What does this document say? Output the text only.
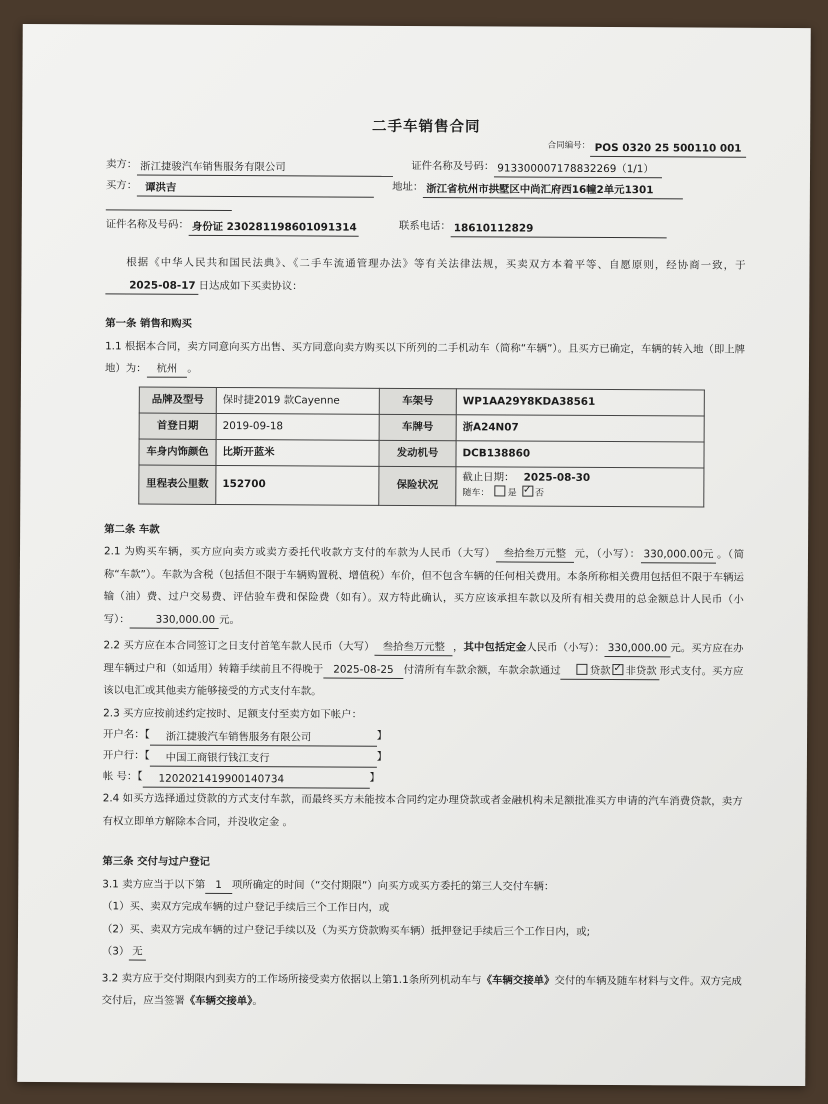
二手车销售合同
合同编号： POS 0320 25 500110 001
卖方： 浙江捷骏汽车销售服务有限公司	证件名称及号码： 913300007178832269（1/1）
买方： 谭洪吉	地址： 浙江省杭州市拱墅区中尚汇府西16幢2单元1301
证件名称及号码： 身份证 230281198601091314	联系电话： 18610112829

根据《中华人民共和国民法典》、《二手车流通管理办法》等有关法律法规，买卖双方本着平等、自愿原则，经协商一致，于2025-08-17 日达成如下买卖协议：

第一条 销售和购买

1.1 根据本合同，卖方同意向买方出售、买方同意向卖方购买以下所列的二手机动车（简称“车辆”）。且买方已确定，车辆的转入地（即上牌地）为： 杭州 。

品牌及型号	保时捷2019 款Cayenne	车架号	WP1AA29Y8KDA38561
首登日期	2019-09-18	车牌号	浙A24N07
车身内饰颜色	比斯开蓝米	发动机号	DCB138860
里程表公里数	152700	保险状况	截止日期： 2025-08-30
随车： 是 ✓ 否
第二条 车款

2.1 为购买车辆，买方应向卖方或卖方委托代收款方支付的车款为人民币（大写） 叁拾叁万元整 元，（小写）： 330,000.00元 。（简称“车款”）。车款为含税（包括但不限于车辆购置税、增值税）车价，但不包含车辆的任何相关费用。本条所称相关费用包括但不限于车辆运输（油）费、过户交易费、评估验车费和保险费（如有）。双方特此确认，买方应该承担车款以及所有相关费用的总金额总计人民币（小写）： 330,000.00 元。

2.2 买方应在本合同签订之日支付首笔车款人民币（大写） 叁拾叁万元整 ，其中包括定金人民币（小写）： 330,000.00 元。买方应在办理车辆过户和（如适用）转籍手续前且不得晚于 2025-08-25 付清所有车款余额，车款余款通过	贷款 ✓ 非贷款 形式支付。买方应该以电汇或其他卖方能够接受的方式支付车款。

2.3 买方应按前述约定按时、足额支付至卖方如下帐户：
开户名：【	浙江捷骏汽车销售服务有限公司	】
开户行：【	中国工商银行钱江支行	】
帐 号：【	1202021419900140734	】

2.4 如买方选择通过贷款的方式支付车款，而最终买方未能按本合同约定办理贷款或者金融机构未足额批准买方申请的汽车消费贷款，卖方有权立即单方解除本合同，并没收定金 。

第三条 交付与过户登记

3.1 卖方应当于以下第 1 项所确定的时间（“交付期限”）向买方或买方委托的第三人交付车辆：

（1）买、卖双方完成车辆的过户登记手续后三个工作日内，或
（2）买、卖双方完成车辆的过户登记手续以及（为买方贷款购买车辆）抵押登记手续后三个工作日内，或;
（3） 无

3.2 卖方应于交付期限内到卖方的工作场所接受卖方依据以上第1.1条所列机动车与《车辆交接单》交付的车辆及随车材料与文件。双方完成交付后，应当签署《车辆交接单》。
